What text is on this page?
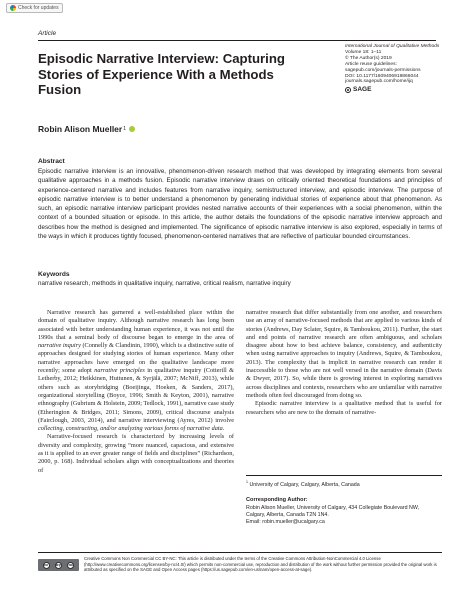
Check for updates
Article
Episodic Narrative Interview: Capturing Stories of Experience With a Methods Fusion
International Journal of Qualitative Methods
Volume 18: 1–11
© The Author(s) 2019
Article reuse guidelines:
sagepub.com/journals-permissions
DOI: 10.1177/1609406919866044
journals.sagepub.com/home/ijq
SAGE
Robin Alison Mueller 1
Abstract

Episodic narrative interview is an innovative, phenomenon-driven research method that was developed by integrating elements from several qualitative approaches in a methods fusion. Episodic narrative interview draws on critically oriented theoretical foundations and principles of experience-centered narrative and includes features from narrative inquiry, semistructured interview, and episodic interview. The purpose of episodic narrative interview is to better understand a phenomenon by generating individual stories of experience about that phenomenon. As such, an episodic narrative interview participant provides nested narrative accounts of their experiences with a social phenomenon, within the context of a bounded situation or episode. In this article, the author details the foundations of the episodic narrative interview approach and describes how the method is designed and implemented. The significance of episodic narrative interview is also explored, especially in terms of the ways in which it produces tightly focused, phenomenon-centered narratives that are reflective of particular bounded circumstances.

Keywords

narrative research, methods in qualitative inquiry, narrative, critical realism, narrative inquiry

Narrative research has garnered a well-established place within the domain of qualitative inquiry. Although narrative research has long been associated with better understanding human experience, it was not until the 1990s that a seminal body of discourse began to emerge in the area of narrative inquiry (Connelly & Clandinin, 1990), which is a distinctive suite of approaches designed for studying stories of human experience. Many other narrative approaches have emerged on the qualitative landscape more recently; some adopt narrative principles in qualitative inquiry (Cotterill & Letherby, 2012; Heikkinen, Huttunen, & Syrjälä, 2007; McNiff, 2013), while others such as storybridging (Boeijinga, Hoeken, & Sanders, 2017), organizational storytelling (Boyce, 1996; Smith & Keyton, 2001), narrative ethnography (Gubrium & Holstein, 2009; Tedlock, 1991), narrative case study (Etherington & Bridges, 2011; Simons, 2009), critical discourse analysis (Fairclough, 2003, 2014), and narrative interviewing (Ayres, 2012) involve collecting, constructing, and/or analyzing various forms of narrative data.

Narrative-focused research is characterized by increasing levels of diversity and complexity, growing “more nuanced, capacious, and extensive as it is applied to an ever greater range of fields and disciplines” (Richardson, 2000, p. 168). Individual scholars align with conceptualizations and theories of

narrative research that differ substantially from one another, and researchers use an array of narrative-focused methods that are applied to various kinds of stories (Andrews, Day Sclater, Squire, & Tamboukou, 2011). Further, the start and end points of narrative research are often ambiguous, and scholars disagree about how to best achieve balance, consistency, and authenticity when using narrative approaches to inquiry (Andrews, Squire, & Tamboukou, 2013). The complexity that is implicit in narrative research can render it inaccessible to those who are not well versed in the narrative domain (Davis & Dwyer, 2017). So, while there is growing interest in exploring narratives across disciplines and contexts, researchers who are unfamiliar with narrative methods often feel discouraged from doing so.

Episodic narrative interview is a qualitative method that is useful for researchers who are new to the domain of narrative-

$^1$ University of Calgary, Calgary, Alberta, Canada
Corresponding Author:
Robin Alison Mueller, University of Calgary, 434 Collegiate Boulevard NW,
Calgary, Alberta, Canada T2N 1N4.
Email: robin.mueller@ucalgary.ca
cc	by	nc

Creative Commons Non Commercial CC BY-NC: This article is distributed under the terms of the Creative Commons Attribution-NonCommercial 4.0 License (http://www.creativecommons.org/licenses/by-nc/4.0/) which permits non-commercial use, reproduction and distribution of the work without further permission provided the original work is attributed as specified on the SAGE and Open Access pages (https://us.sagepub.com/en-us/nam/open-access-at-sage).
